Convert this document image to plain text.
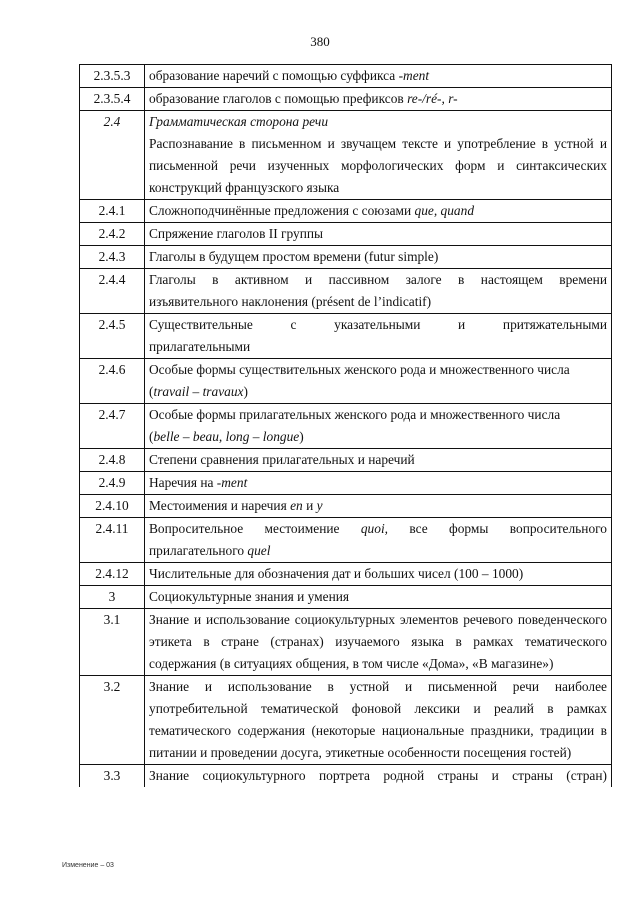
380
2.3.5.3	образование наречий с помощью суффикса -ment
2.3.5.4	образование глаголов с помощью префиксов re-/ré-, r-
2.4	Грамматическая сторона речи
Распознавание в письменном и звучащем тексте и употребление в устной и письменной речи изученных морфологических форм и синтаксических конструкций французского языка

2.4.1	Сложноподчинённые предложения с союзами que, quand
2.4.2	Спряжение глаголов II группы
2.4.3	Глаголы в будущем простом времени (futur simple)
2.4.4	Глаголы в активном и пассивном залоге в настоящем времени
изъявительного наклонения (présent de l’indicatif)

2.4.5	Существительные с указательными и притяжательными
прилагательными

2.4.6	Особые формы существительных женского рода и множественного числа
(travail – travaux)

2.4.7	Особые формы прилагательных женского рода и множественного числа
(belle – beau, long – longue)

2.4.8	Степени сравнения прилагательных и наречий
2.4.9	Наречия на -ment
2.4.10	Местоимения и наречия en и y
2.4.11	Вопросительное местоимение quoi, все формы вопросительного
прилагательного quel

2.4.12	Числительные для обозначения дат и больших чисел (100 – 1000)
3	Социокультурные знания и умения
3.1	Знание и использование социокультурных элементов речевого поведенческого этикета в стране (странах) изучаемого языка в рамках тематического содержания (в ситуациях общения, в том числе «Дома», «В магазине»)
3.2	Знание и использование в устной и письменной речи наиболее употребительной тематической фоновой лексики и реалий в рамках тематического содержания (некоторые национальные праздники, традиции в питании и проведении досуга, этикетные особенности посещения гостей)
3.3	Знание социокультурного портрета родной страны и страны (стран)
Изменение – 03
